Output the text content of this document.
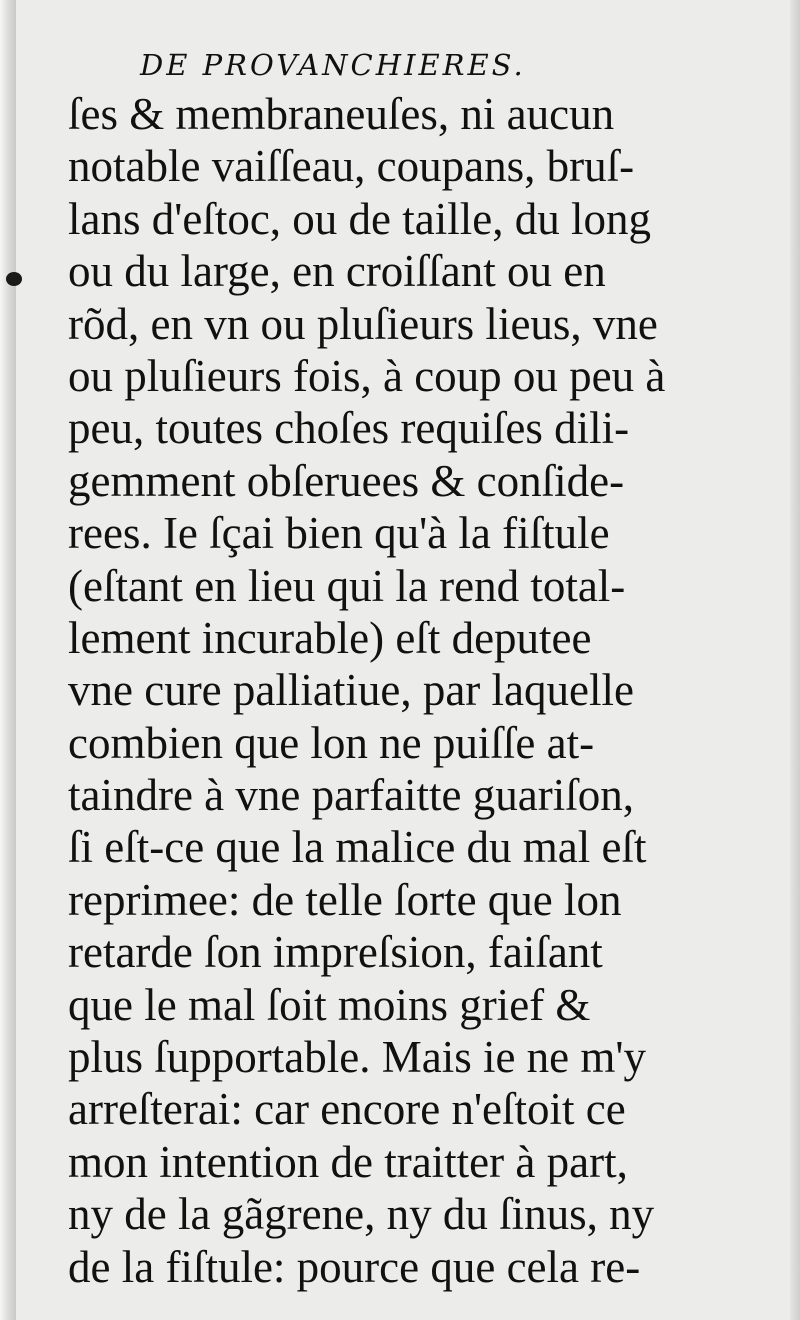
DE PROVANCHIERES.
ſes & membraneuſes, ni aucun
notable vaiſſeau, coupans, bruſ-
lans d'eſtoc, ou de taille, du long
ou du large, en croiſſant ou en
rõd, en vn ou pluſieurs lieus, vne
ou pluſieurs fois, à coup ou peu à
peu, toutes choſes requiſes dili-
gemment obſeruees & conſide-
rees. Ie ſçai bien qu'à la fiſtule
(eſtant en lieu qui la rend total-
lement incurable) eſt deputee
vne cure palliatiue, par laquelle
combien que lon ne puiſſe at-
taindre à vne parfaitte guariſon,
ſi eſt-ce que la malice du mal eſt
reprimee: de telle ſorte que lon
retarde ſon impreſsion, faiſant
que le mal ſoit moins grief &
plus ſupportable. Mais ie ne m'y
arreſterai: car encore n'eſtoit ce
mon intention de traitter à part,
ny de la gãgrene, ny du ſinus, ny
de la fiſtule: pource que cela re-
